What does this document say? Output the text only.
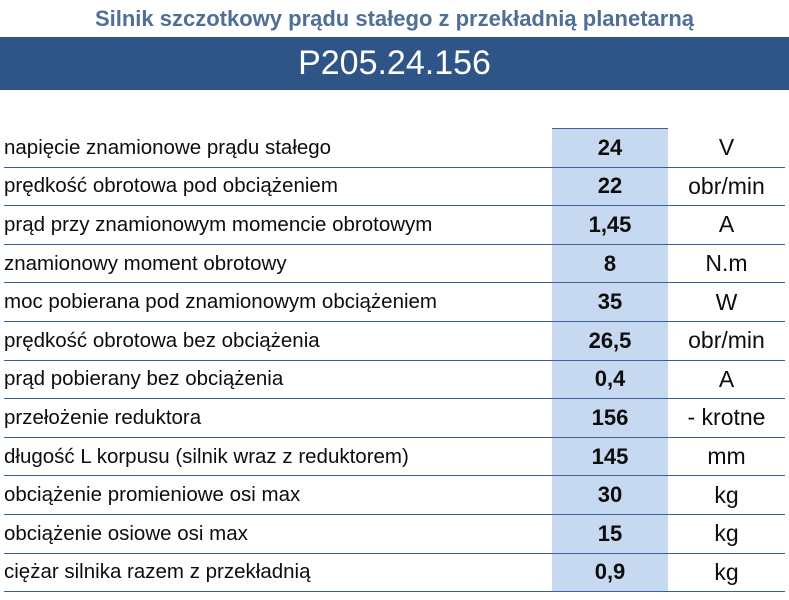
Silnik szczotkowy prądu stałego z przekładnią planetarną
P205.24.156
napięcie znamionowe prądu stałego	24	V
prędkość obrotowa pod obciążeniem	22	obr/min
prąd przy znamionowym momencie obrotowym	1,45	A
znamionowy moment obrotowy	8	N.m
moc pobierana pod znamionowym obciążeniem	35	W
prędkość obrotowa bez obciążenia	26,5	obr/min
prąd pobierany bez obciążenia	0,4	A
przełożenie reduktora	156	- krotne
długość L korpusu (silnik wraz z reduktorem)	145	mm
obciążenie promieniowe osi max	30	kg
obciążenie osiowe osi max	15	kg
ciężar silnika razem z przekładnią	0,9	kg
